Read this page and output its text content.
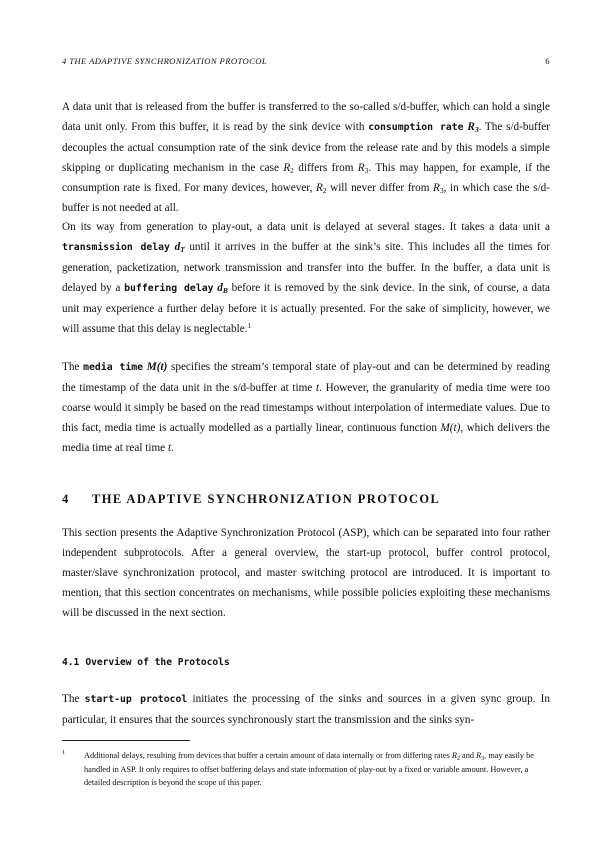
4 THE ADAPTIVE SYNCHRONIZATION PROTOCOL	6

A data unit that is released from the buffer is transferred to the so-called s/d-buffer, which can hold a single data unit only. From this buffer, it is read by the sink device with consumption rate $R_3$. The s/d-buffer decouples the actual consumption rate of the sink device from the release rate and by this models a simple skipping or duplicating mechanism in the case $R_2$ differs from $R_3$. This may happen, for example, if the consumption rate is fixed. For many devices, however, $R_2$ will never differ from $R_3$, in which case the s/d-buffer is not needed at all.

On its way from generation to play-out, a data unit is delayed at several stages. It takes a data unit a transmission delay $d_T$ until it arrives in the buffer at the sink’s site. This includes all the times for generation, packetization, network transmission and transfer into the buffer. In the buffer, a data unit is delayed by a buffering delay $d_B$ before it is removed by the sink device. In the sink, of course, a data unit may experience a further delay before it is actually presented. For the sake of simplicity, however, we will assume that this delay is neglectable.$^1$

The media time M(t) specifies the stream’s temporal state of play-out and can be determined by reading the timestamp of the data unit in the s/d-buffer at time t. However, the granularity of media time were too coarse would it simply be based on the read timestamps without interpolation of intermediate values. Due to this fact, media time is actually modelled as a partially linear, continuous function M(t), which delivers the media time at real time t.

4 THE ADAPTIVE SYNCHRONIZATION PROTOCOL

This section presents the Adaptive Synchronization Protocol (ASP), which can be separated into four rather independent subprotocols. After a general overview, the start-up protocol, buffer control protocol, master/slave synchronization protocol, and master switching protocol are introduced. It is important to mention, that this section concentrates on mechanisms, while possible policies exploiting these mechanisms will be discussed in the next section.

4.1 Overview of the Protocols

The start-up protocol initiates the processing of the sinks and sources in a given sync group. In particular, it ensures that the sources synchronously start the transmission and the sinks syn-

1 Additional delays, resulting from devices that buffer a certain amount of data internally or from differing rates $R_2$ and $R_3$, may easily be handled in ASP. It only requires to offset buffering delays and state information of play-out by a fixed or variable amount. However, a detailed description is beyond the scope of this paper.
